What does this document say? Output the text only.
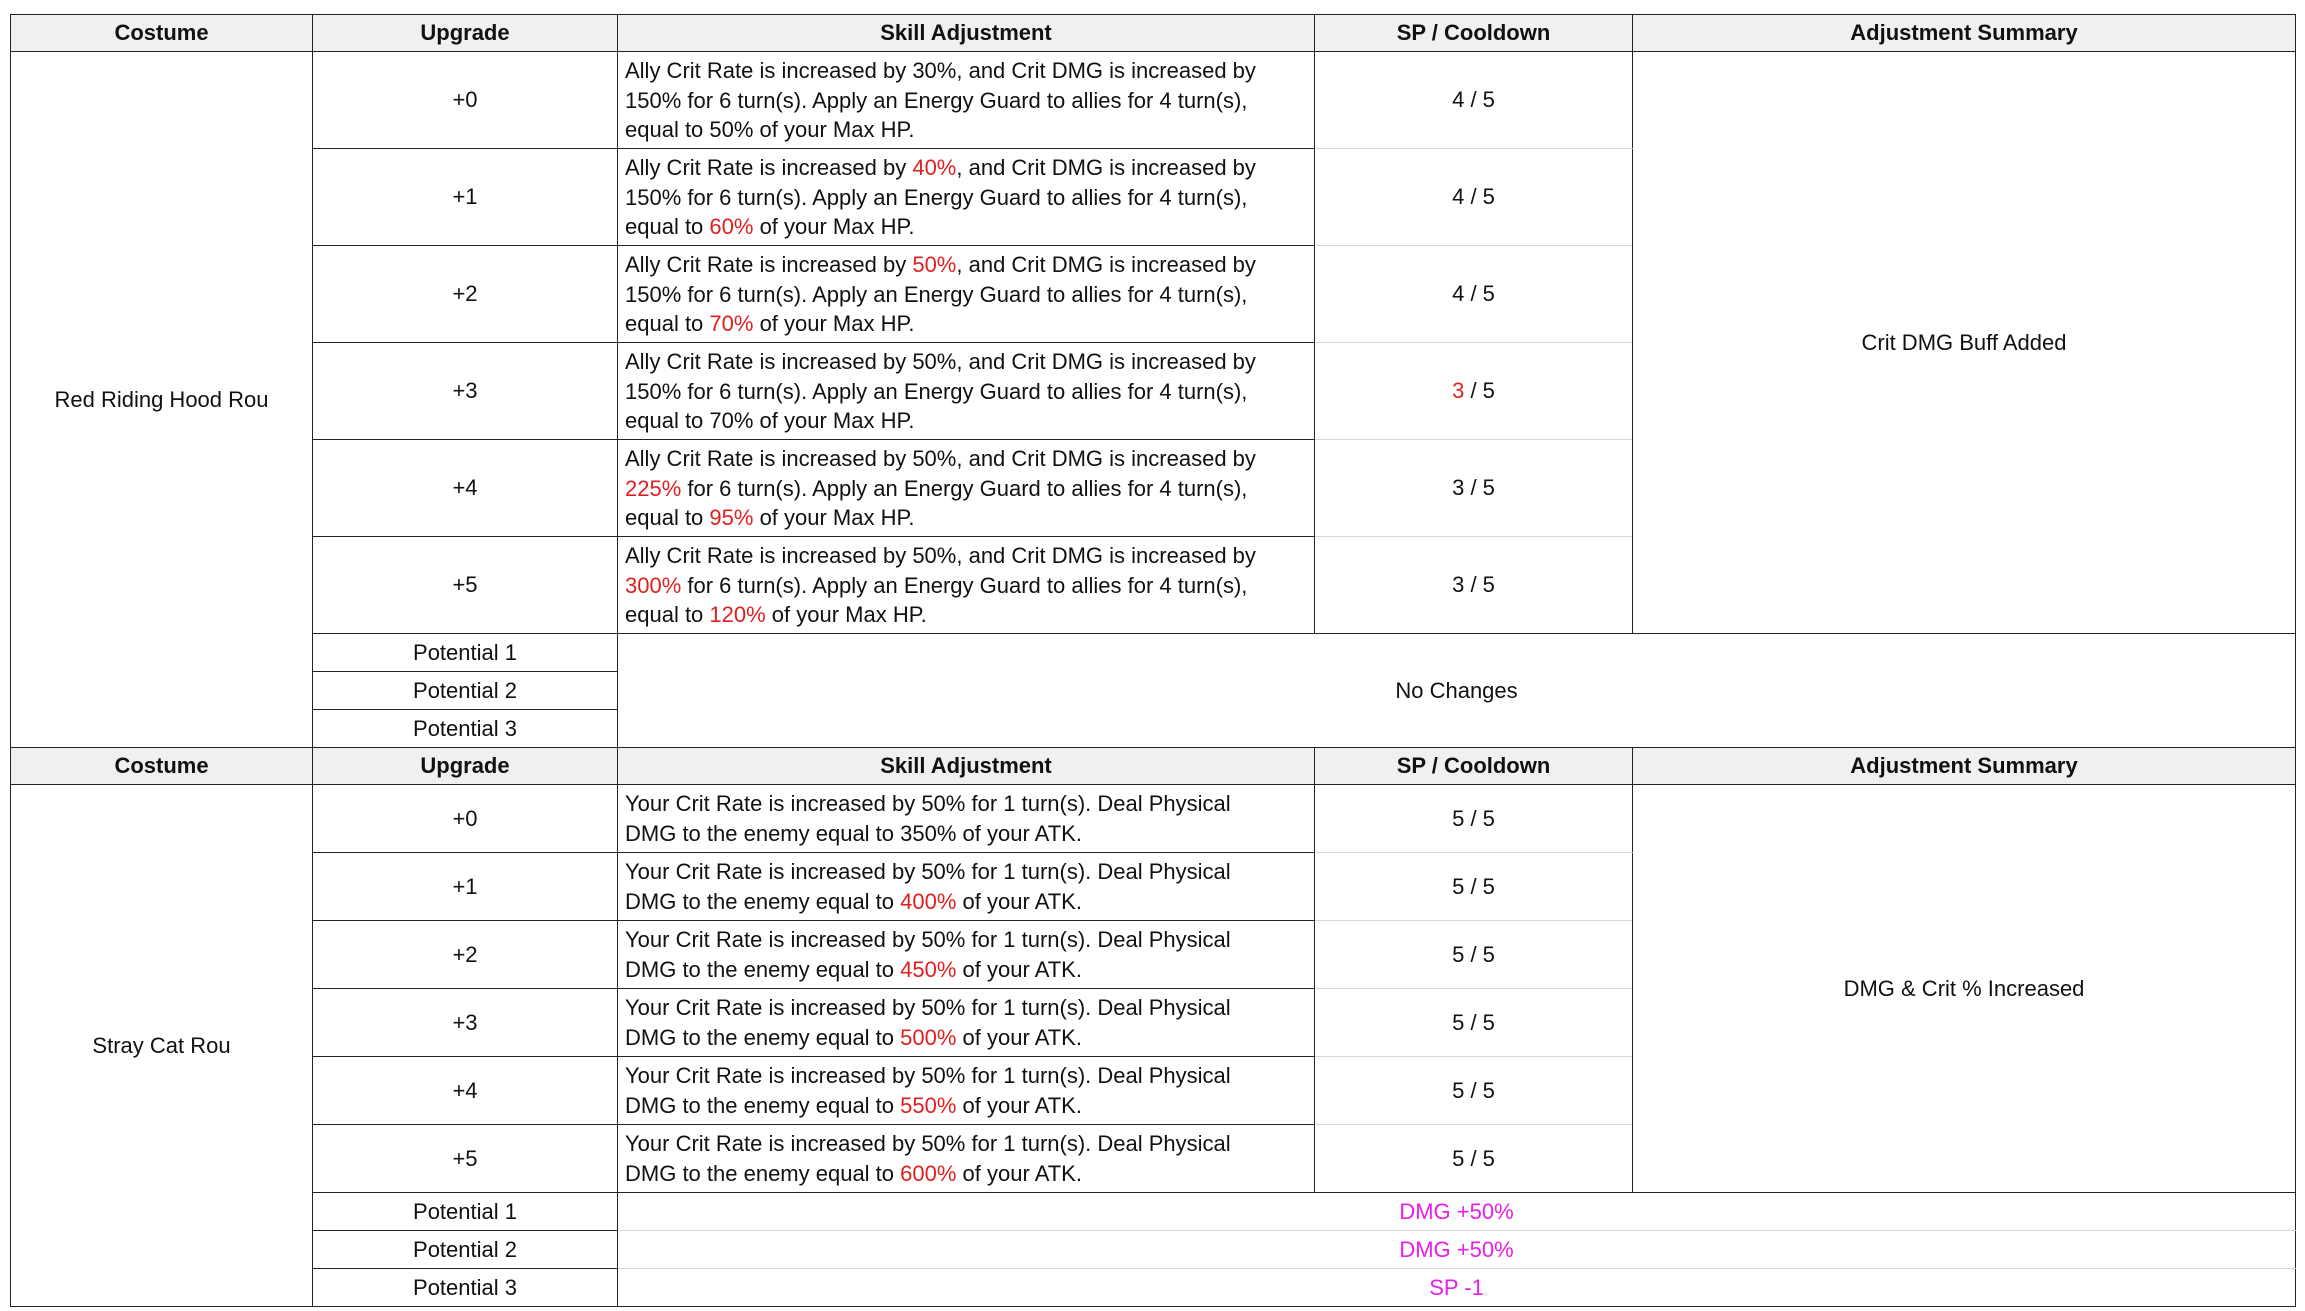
Costume	Upgrade	Skill Adjustment	SP / Cooldown	Adjustment Summary
Red Riding Hood Rou	+0	Ally Crit Rate is increased by 30%, and Crit DMG is increased by
150% for 6 turn(s). Apply an Energy Guard to allies for 4 turn(s),
equal to 50% of your Max HP.	4 / 5	Crit DMG Buff Added
	+1	Ally Crit Rate is increased by 40%, and Crit DMG is increased by
150% for 6 turn(s). Apply an Energy Guard to allies for 4 turn(s),
equal to 60% of your Max HP.	4 / 5	
	+2	Ally Crit Rate is increased by 50%, and Crit DMG is increased by
150% for 6 turn(s). Apply an Energy Guard to allies for 4 turn(s),
equal to 70% of your Max HP.	4 / 5	
	+3	Ally Crit Rate is increased by 50%, and Crit DMG is increased by
150% for 6 turn(s). Apply an Energy Guard to allies for 4 turn(s),
equal to 70% of your Max HP.	3 / 5	
	+4	Ally Crit Rate is increased by 50%, and Crit DMG is increased by
225% for 6 turn(s). Apply an Energy Guard to allies for 4 turn(s),
equal to 95% of your Max HP.	3 / 5	
	+5	Ally Crit Rate is increased by 50%, and Crit DMG is increased by
300% for 6 turn(s). Apply an Energy Guard to allies for 4 turn(s),
equal to 120% of your Max HP.	3 / 5	
	Potential 1	No Changes		
	Potential 2			
	Potential 3			
Costume	Upgrade	Skill Adjustment	SP / Cooldown	Adjustment Summary
Stray Cat Rou	+0	Your Crit Rate is increased by 50% for 1 turn(s). Deal Physical
DMG to the enemy equal to 350% of your ATK.	5 / 5	DMG & Crit % Increased
	+1	Your Crit Rate is increased by 50% for 1 turn(s). Deal Physical
DMG to the enemy equal to 400% of your ATK.	5 / 5	
	+2	Your Crit Rate is increased by 50% for 1 turn(s). Deal Physical
DMG to the enemy equal to 450% of your ATK.	5 / 5	
	+3	Your Crit Rate is increased by 50% for 1 turn(s). Deal Physical
DMG to the enemy equal to 500% of your ATK.	5 / 5	
	+4	Your Crit Rate is increased by 50% for 1 turn(s). Deal Physical
DMG to the enemy equal to 550% of your ATK.	5 / 5	
	+5	Your Crit Rate is increased by 50% for 1 turn(s). Deal Physical
DMG to the enemy equal to 600% of your ATK.	5 / 5	
	Potential 1	DMG +50%		
	Potential 2	DMG +50%		
	Potential 3	SP -1		
